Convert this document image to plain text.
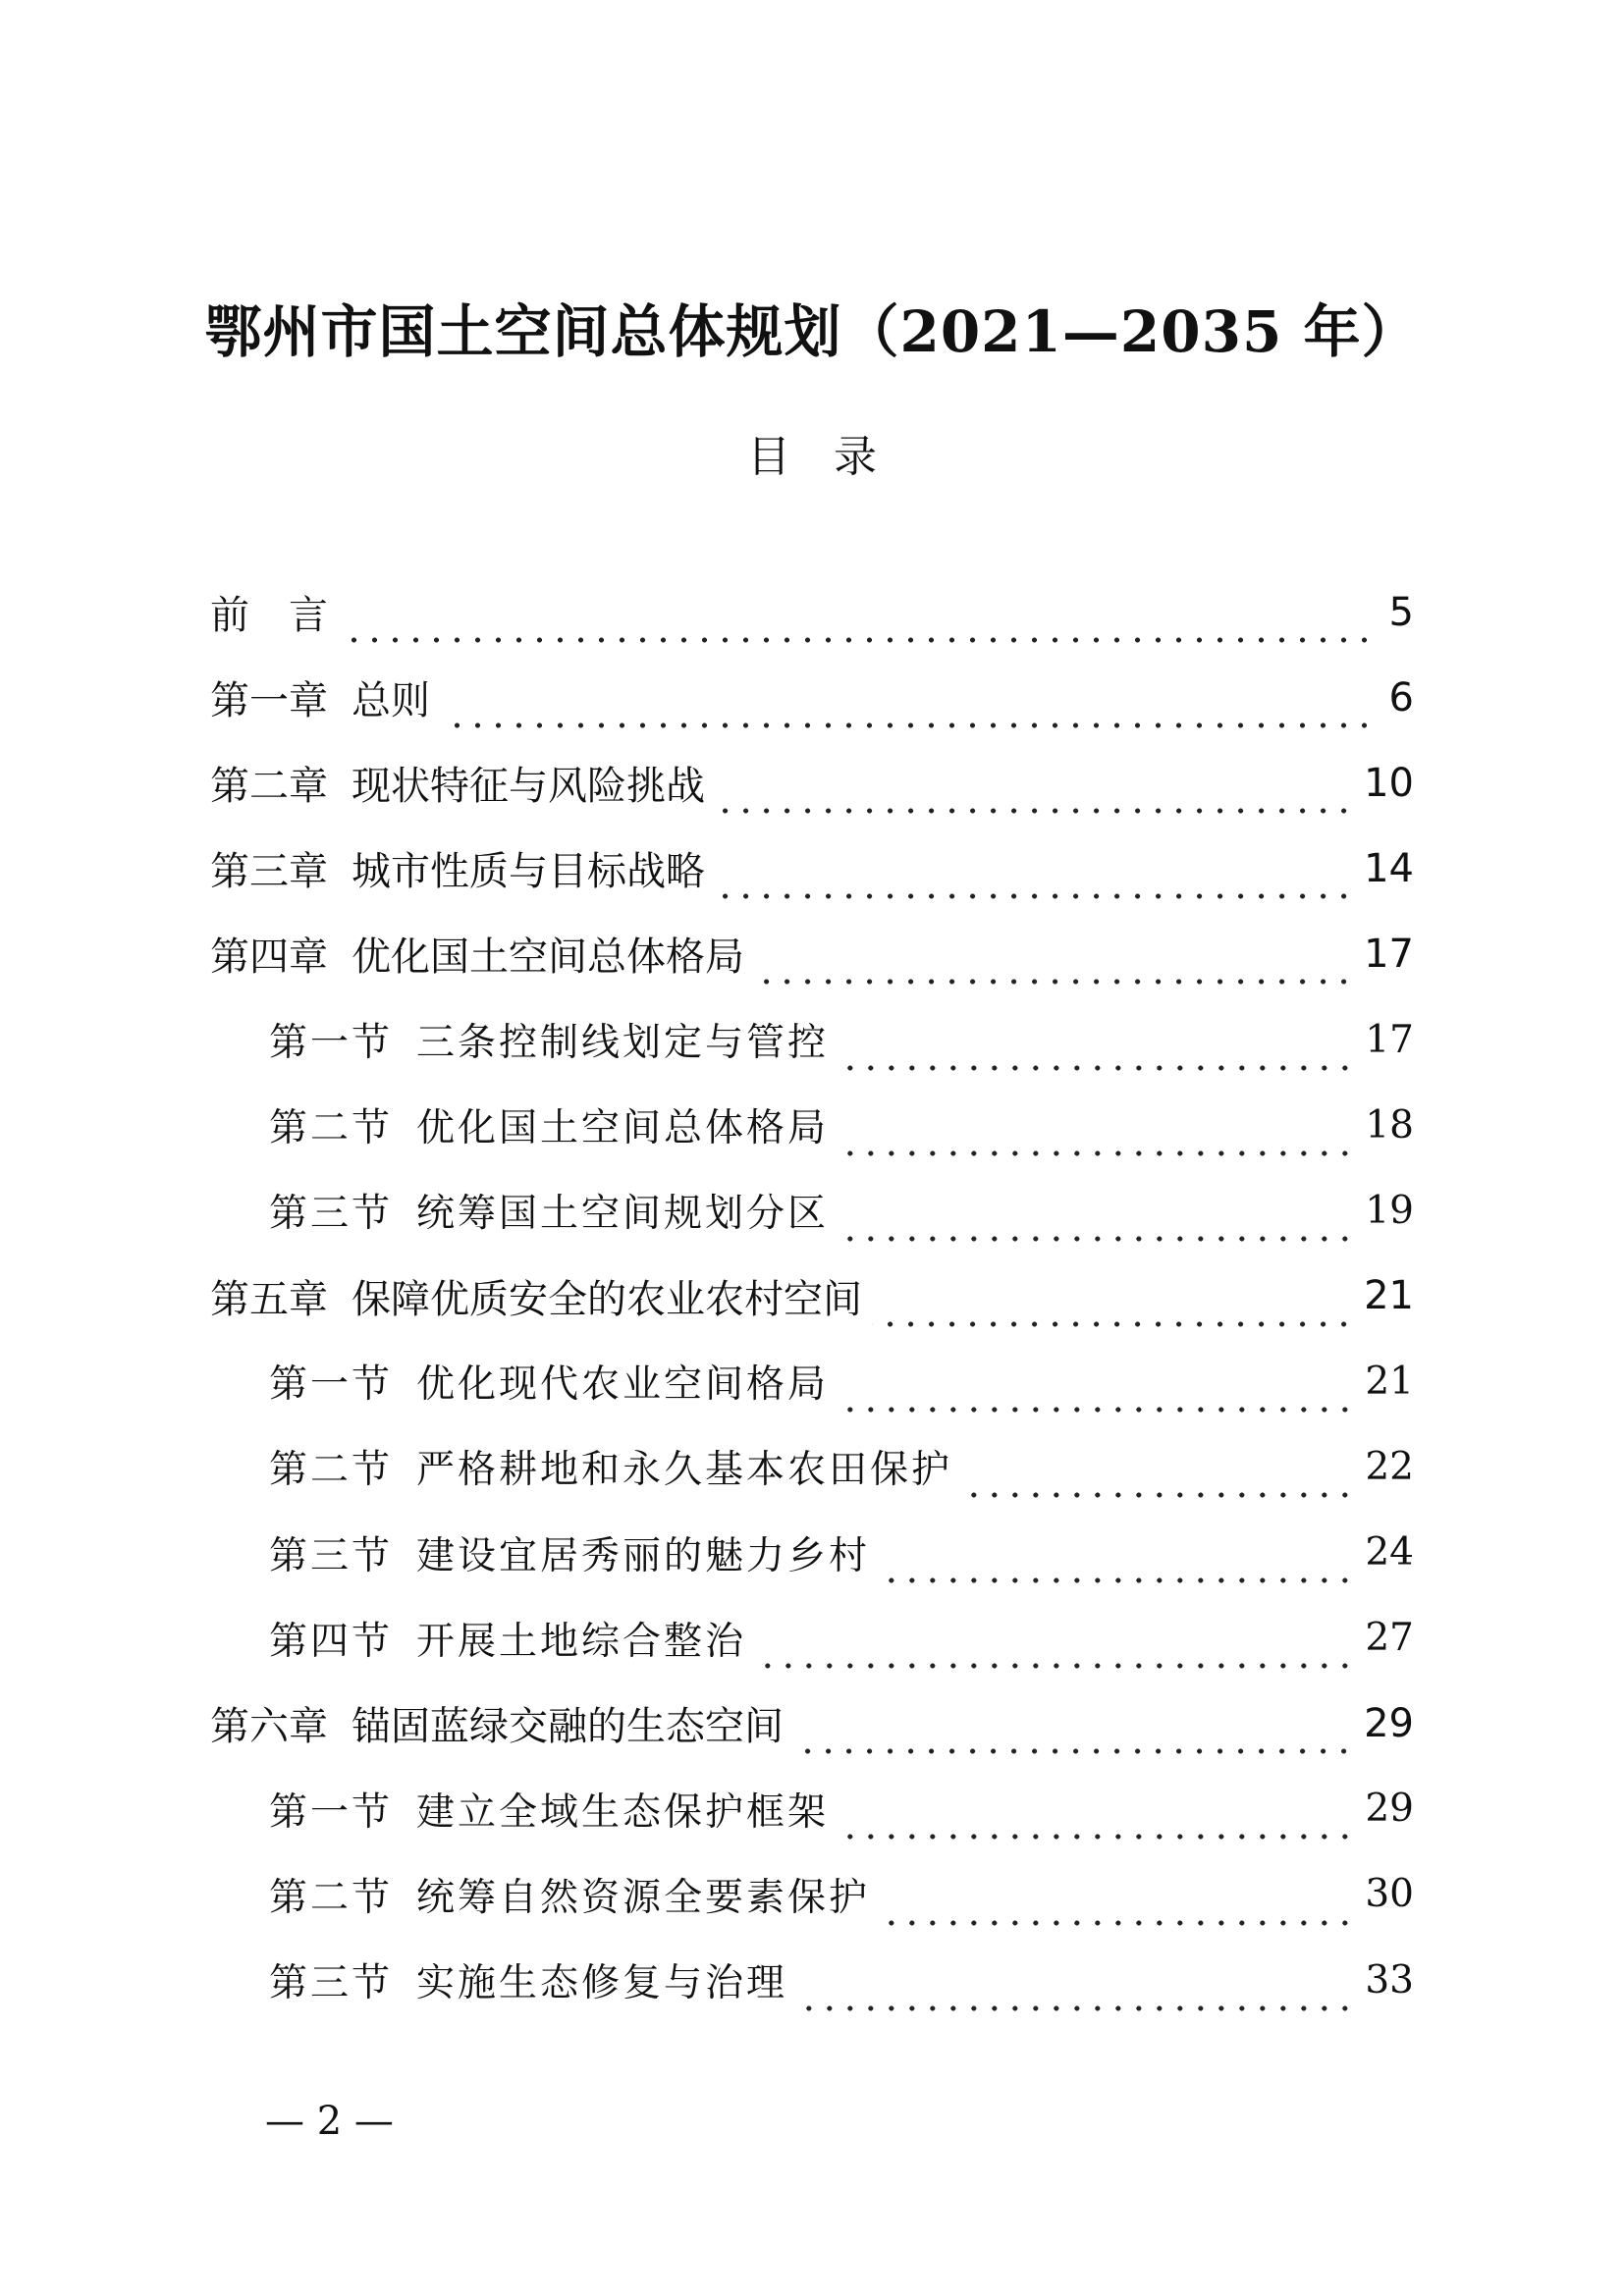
鄂州市国土空间总体规划（2021—2035 年）
目录
前 言	5
第一章 总则	6
第二章 现状特征与风险挑战	10
第三章 城市性质与目标战略	14
第四章 优化国土空间总体格局	17
第一节 三条控制线划定与管控	17
第二节 优化国土空间总体格局	18
第三节 统筹国土空间规划分区	19
第五章 保障优质安全的农业农村空间	21
第一节 优化现代农业空间格局	21
第二节 严格耕地和永久基本农田保护	22
第三节 建设宜居秀丽的魅力乡村	24
第四节 开展土地综合整治	27
第六章 锚固蓝绿交融的生态空间	29
第一节 建立全域生态保护框架	29
第二节 统筹自然资源全要素保护	30
第三节 实施生态修复与治理	33
— 2 —
